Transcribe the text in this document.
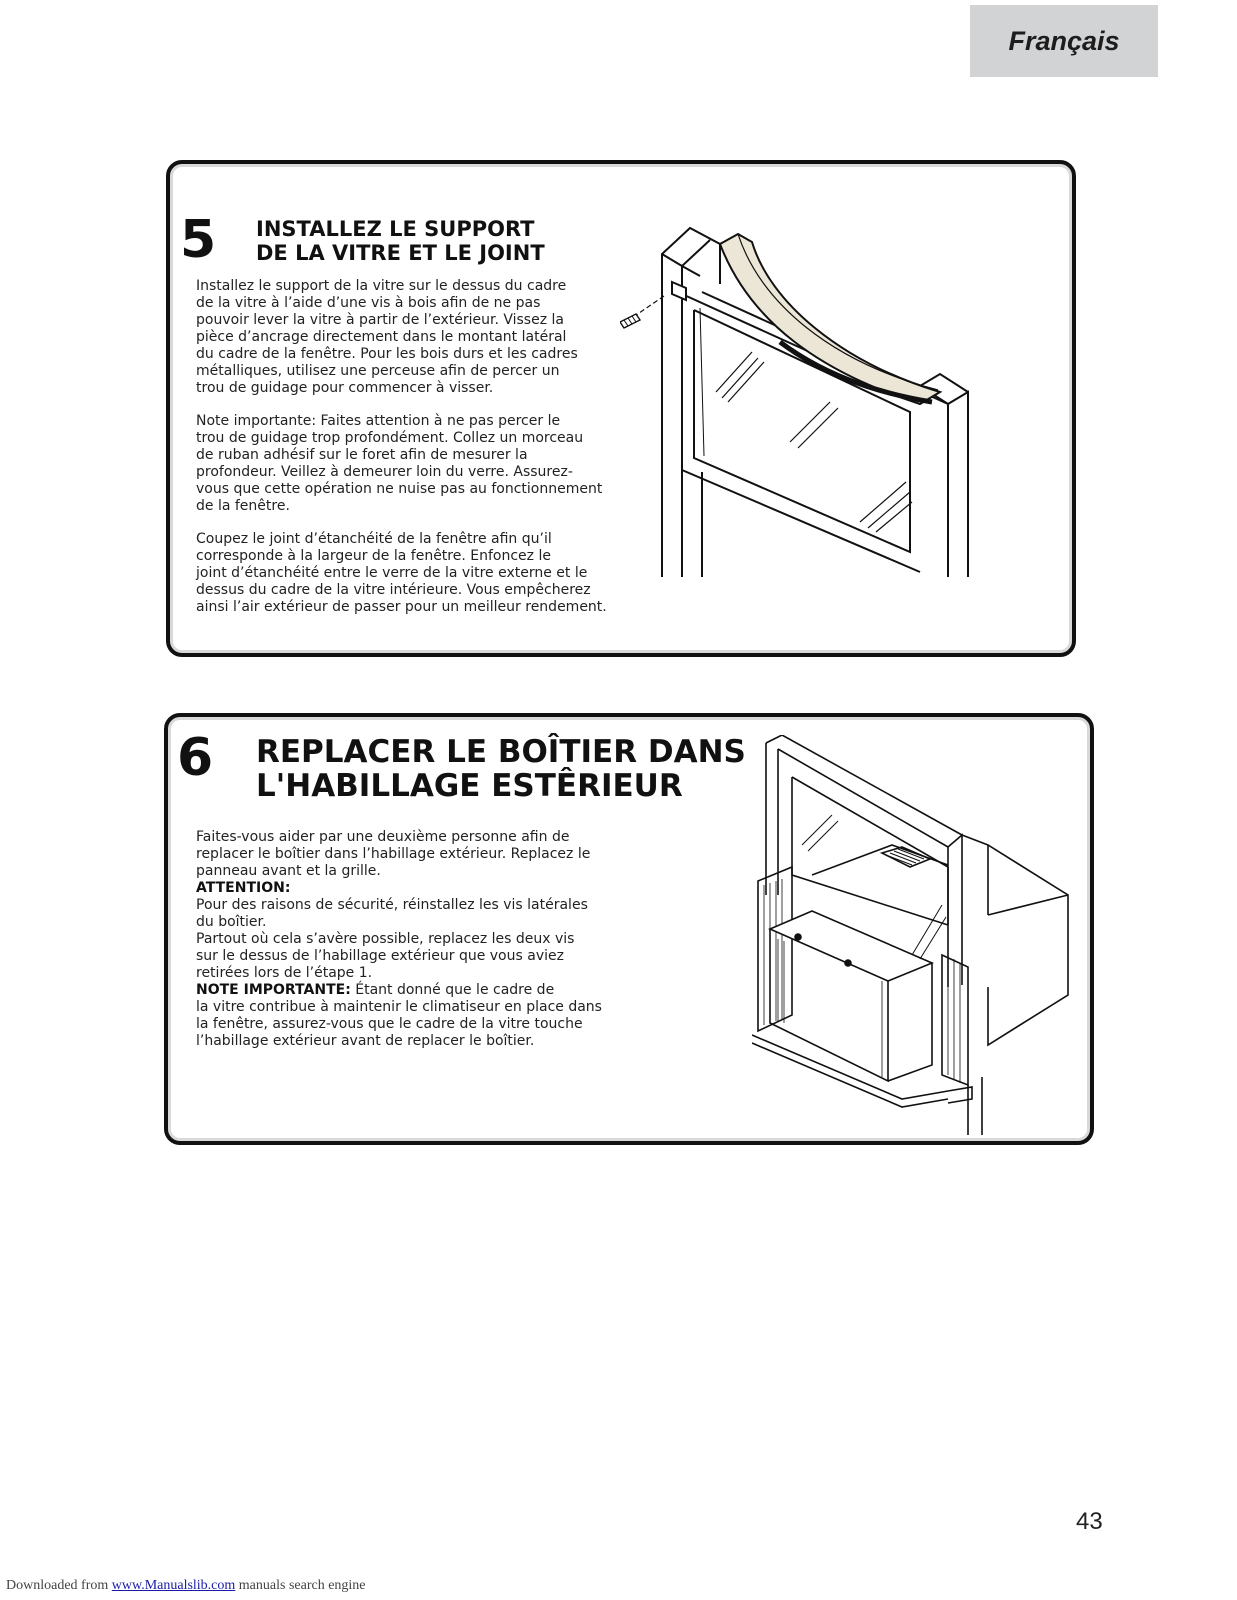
Français
5 INSTALLEZ LE SUPPORT
DE LA VITRE ET LE JOINT

Installez le support de la vitre sur le dessus du cadre
de la vitre à l’aide d’une vis à bois afin de ne pas
pouvoir lever la vitre à partir de l’extérieur. Vissez la
pièce d’ancrage directement dans le montant latéral
du cadre de la fenêtre. Pour les bois durs et les cadres
métalliques, utilisez une perceuse afin de percer un
trou de guidage pour commencer à visser.

Note importante: Faites attention à ne pas percer le
trou de guidage trop profondément. Collez un morceau
de ruban adhésif sur le foret afin de mesurer la
profondeur. Veillez à demeurer loin du verre. Assurez-
vous que cette opération ne nuise pas au fonctionnement
de la fenêtre.

Coupez le joint d’étanchéité de la fenêtre afin qu’il
corresponde à la largeur de la fenêtre. Enfoncez le
joint d’étanchéité entre le verre de la vitre externe et le
dessus du cadre de la vitre intérieure. Vous empêcherez
ainsi l’air extérieur de passer pour un meilleur rendement.

6 REPLACER LE BOÎTIER DANS
L'HABILLAGE ESTÊRIEUR
Faites-vous aider par une deuxième personne afin de
replacer le boîtier dans l’habillage extérieur. Replacez le
panneau avant et la grille.
ATTENTION:
Pour des raisons de sécurité, réinstallez les vis latérales
du boîtier.
Partout où cela s’avère possible, replacez les deux vis
sur le dessus de l’habillage extérieur que vous aviez
retirées lors de l’étape 1.
NOTE IMPORTANTE: Étant donné que le cadre de
la vitre contribue à maintenir le climatiseur en place dans
la fenêtre, assurez-vous que le cadre de la vitre touche
l’habillage extérieur avant de replacer le boîtier.
43
Downloaded from www.Manualslib.com manuals search engine
